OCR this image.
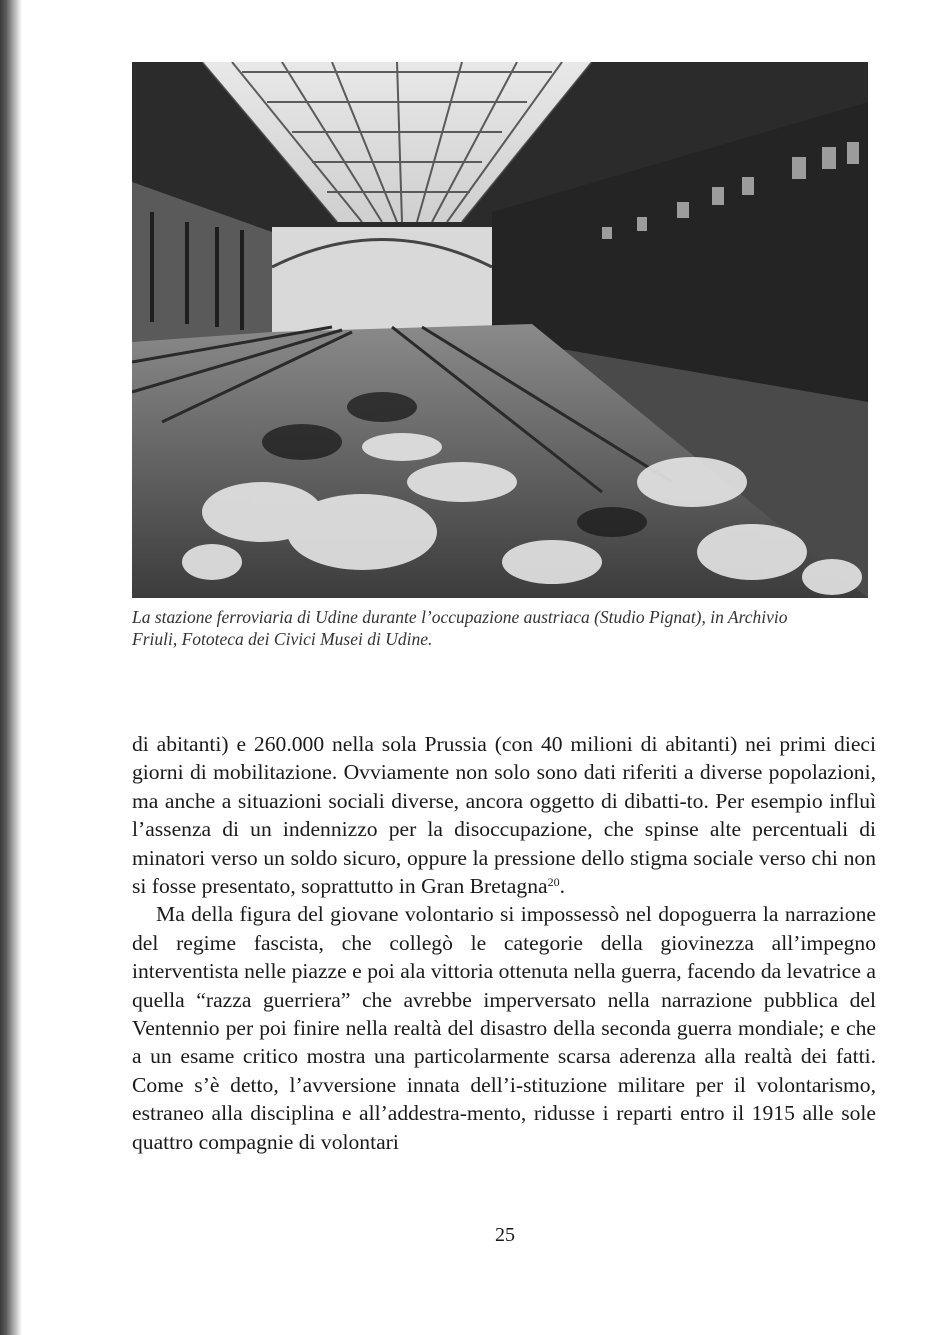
La stazione ferroviaria di Udine durante l’occupazione austriaca (Studio Pignat), in Archivio
Friuli, Fototeca dei Civici Musei di Udine.

di abitanti) e 260.000 nella sola Prussia (con 40 milioni di abitanti) nei primi dieci giorni di mobilitazione. Ovviamente non solo sono dati riferiti a diverse popolazioni, ma anche a situazioni sociali diverse, ancora oggetto di dibatti-to. Per esempio influì l’assenza di un indennizzo per la disoccupazione, che spinse alte percentuali di minatori verso un soldo sicuro, oppure la pressione dello stigma sociale verso chi non si fosse presentato, soprattutto in Gran Bretagna$^{20}$.

Ma della figura del giovane volontario si impossessò nel dopoguerra la narrazione del regime fascista, che collegò le categorie della giovinezza all’impegno interventista nelle piazze e poi ala vittoria ottenuta nella guerra, facendo da levatrice a quella “razza guerriera” che avrebbe imperversato nella narrazione pubblica del Ventennio per poi finire nella realtà del disastro della seconda guerra mondiale; e che a un esame critico mostra una particolarmente scarsa aderenza alla realtà dei fatti. Come s’è detto, l’avversione innata dell’i-stituzione militare per il volontarismo, estraneo alla disciplina e all’addestra-mento, ridusse i reparti entro il 1915 alle sole quattro compagnie di volontari

25
